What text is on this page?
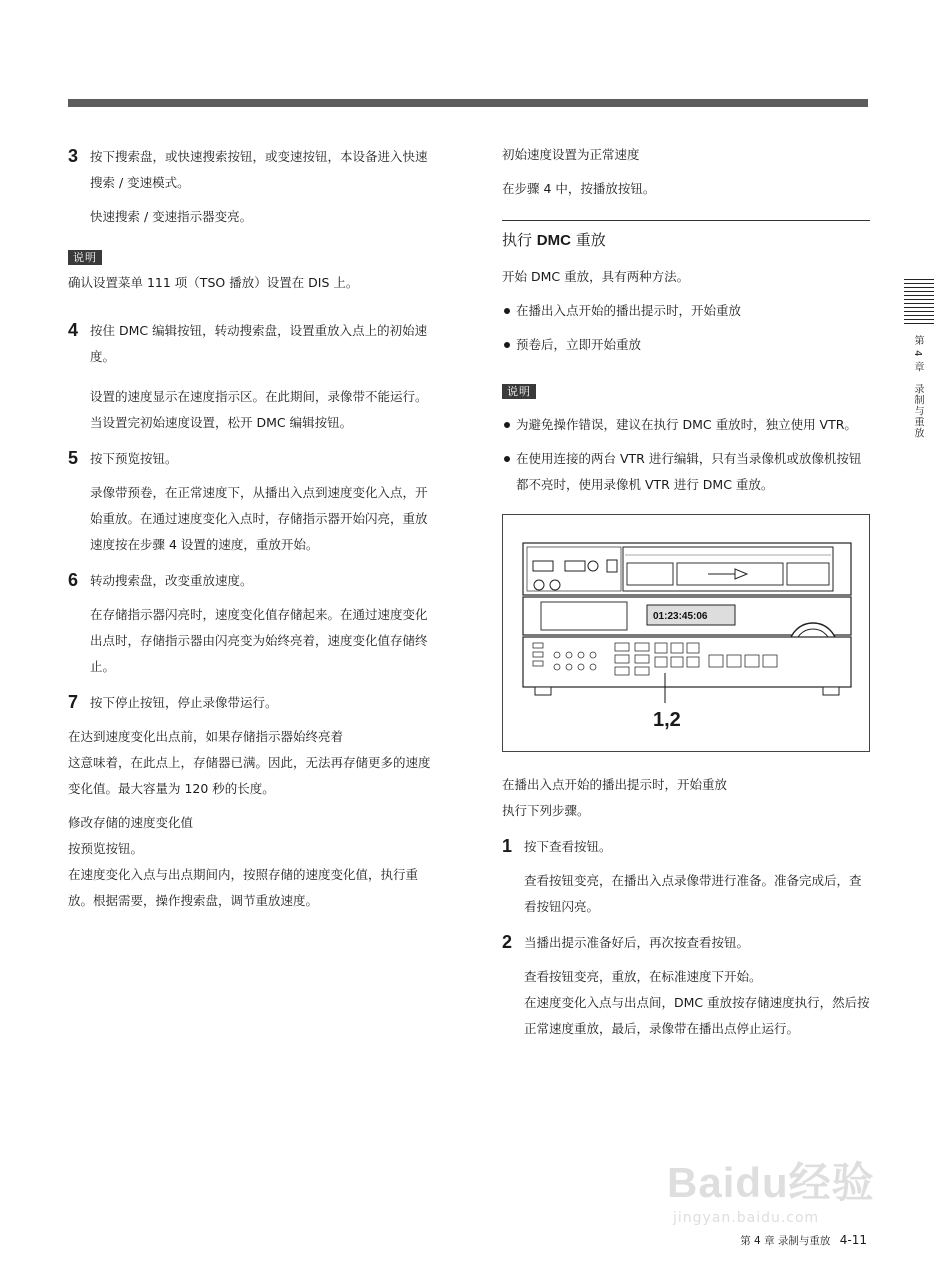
3 按下搜索盘，或快速搜索按钮，或变速按钮，本设备进入快速搜索 / 变速模式。

快速搜索 / 变速指示器变亮。

说明

确认设置菜单 111 项（TSO 播放）设置在 DIS 上。

4 按住 DMC 编辑按钮，转动搜索盘，设置重放入点上的初始速度。

设置的速度显示在速度指示区。在此期间，录像带不能运行。当设置完初始速度设置，松开 DMC 编辑按钮。

5 按下预览按钮。

录像带预卷，在正常速度下，从播出入点到速度变化入点，开始重放。在通过速度变化入点时，存储指示器开始闪亮，重放速度按在步骤 4 设置的速度，重放开始。

6 转动搜索盘，改变重放速度。

在存储指示器闪亮时，速度变化值存储起来。在通过速度变化出点时，存储指示器由闪亮变为始终亮着，速度变化值存储终止。

7 按下停止按钮，停止录像带运行。

在达到速度变化出点前，如果存储指示器始终亮着

这意味着，在此点上，存储器已满。因此，无法再存储更多的速度变化值。最大容量为 120 秒的长度。

修改存储的速度变化值

按预览按钮。

在速度变化入点与出点期间内，按照存储的速度变化值，执行重放。根据需要，操作搜索盘，调节重放速度。

初始速度设置为正常速度

在步骤 4 中，按播放按钮。

执行 DMC 重放

开始 DMC 重放，具有两种方法。

在播出入点开始的播出提示时，开始重放

预卷后，立即开始重放

说明

为避免操作错误，建议在执行 DMC 重放时，独立使用 VTR。

在使用连接的两台 VTR 进行编辑，只有当录像机或放像机按钮都不亮时，使用录像机 VTR 进行 DMC 重放。

01:23:45:06
1,2

在播出入点开始的播出提示时，开始重放

执行下列步骤。

1 按下查看按钮。

查看按钮变亮，在播出入点录像带进行准备。准备完成后，查看按钮闪亮。

2 当播出提示准备好后，再次按查看按钮。

查看按钮变亮，重放，在标准速度下开始。

在速度变化入点与出点间，DMC 重放按存储速度执行，然后按正常速度重放，最后，录像带在播出点停止运行。

第 4 章　录制与重放
Baidu经验
jingyan.baidu.com
第 4 章 录制与重放 4-11
